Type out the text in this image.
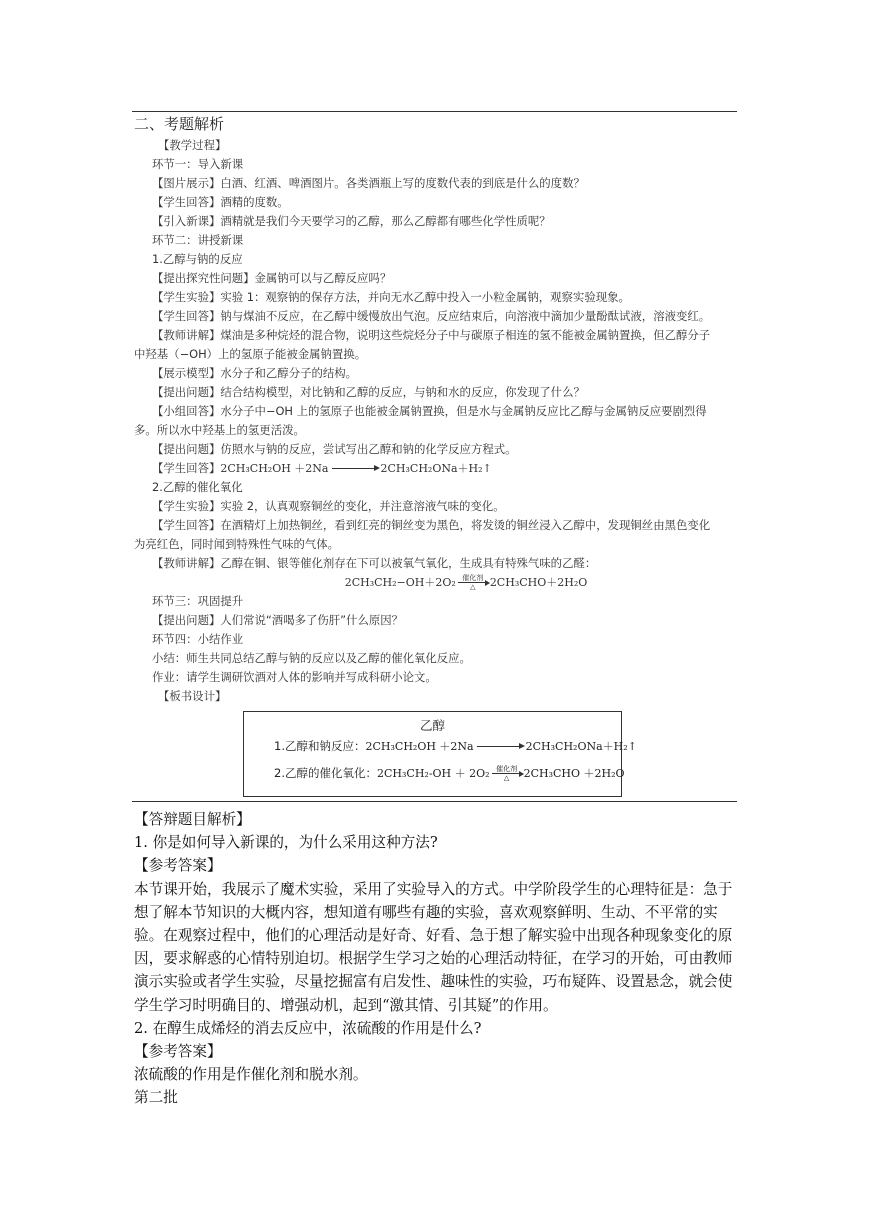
二、考题解析
【教学过程】
环节一：导入新课
【图片展示】白酒、红酒、啤酒图片。各类酒瓶上写的度数代表的到底是什么的度数？
【学生回答】酒精的度数。
【引入新课】酒精就是我们今天要学习的乙醇，那么乙醇都有哪些化学性质呢？
环节二：讲授新课
1.乙醇与钠的反应
【提出探究性问题】金属钠可以与乙醇反应吗？
【学生实验】实验 1：观察钠的保存方法，并向无水乙醇中投入一小粒金属钠，观察实验现象。
【学生回答】钠与煤油不反应，在乙醇中缓慢放出气泡。反应结束后，向溶液中滴加少量酚酞试液，溶液变红。
【教师讲解】煤油是多种烷烃的混合物，说明这些烷烃分子中与碳原子相连的氢不能被金属钠置换，但乙醇分子
中羟基（−OH）上的氢原子能被金属钠置换。
【展示模型】水分子和乙醇分子的结构。
【提出问题】结合结构模型，对比钠和乙醇的反应，与钠和水的反应，你发现了什么？
【小组回答】水分子中−OH 上的氢原子也能被金属钠置换，但是水与金属钠反应比乙醇与金属钠反应要剧烈得
多。所以水中羟基上的氢更活泼。
【提出问题】仿照水与钠的反应，尝试写出乙醇和钠的化学反应方程式。
【学生回答】2CH₃CH₂OH ＋2Na	2CH₃CH₂ONa＋H₂↑
2.乙醇的催化氧化
【学生实验】实验 2，认真观察铜丝的变化，并注意溶液气味的变化。
【学生回答】在酒精灯上加热铜丝，看到红亮的铜丝变为黑色，将发烫的铜丝浸入乙醇中，发现铜丝由黑色变化
为亮红色，同时闻到特殊性气味的气体。
【教师讲解】乙醇在铜、银等催化剂存在下可以被氧气氧化，生成具有特殊气味的乙醛：
2CH₃CH₂−OH＋2O₂ 催化剂
△ 2CH₃CHO＋2H₂O
环节三：巩固提升
【提出问题】人们常说“酒喝多了伤肝”什么原因？
环节四：小结作业
小结：师生共同总结乙醇与钠的反应以及乙醇的催化氧化反应。
作业：请学生调研饮酒对人体的影响并写成科研小论文。
【板书设计】
乙醇
1.乙醇和钠反应：2CH₃CH₂OH ＋2Na → 2CH₃CH₂ONa＋H₂↑
2.乙醇的催化氧化：2CH₃CH₂-OH ＋ 2O₂ 催化剂
△ 2CH₃CHO ＋2H₂O

【答辩题目解析】

1. 你是如何导入新课的，为什么采用这种方法?

【参考答案】

本节课开始，我展示了魔术实验，采用了实验导入的方式。中学阶段学生的心理特征是：急于想了解本节知识的大概内容，想知道有哪些有趣的实验，喜欢观察鲜明、生动、不平常的实验。在观察过程中，他们的心理活动是好奇、好看、急于想了解实验中出现各种现象变化的原因，要求解惑的心情特别迫切。根据学生学习之始的心理活动特征，在学习的开始，可由教师演示实验或者学生实验，尽量挖掘富有启发性、趣味性的实验，巧布疑阵、设置悬念，就会使学生学习时明确目的、增强动机，起到“激其情、引其疑”的作用。

2. 在醇生成烯烃的消去反应中，浓硫酸的作用是什么?

【参考答案】

浓硫酸的作用是作催化剂和脱水剂。

第二批
